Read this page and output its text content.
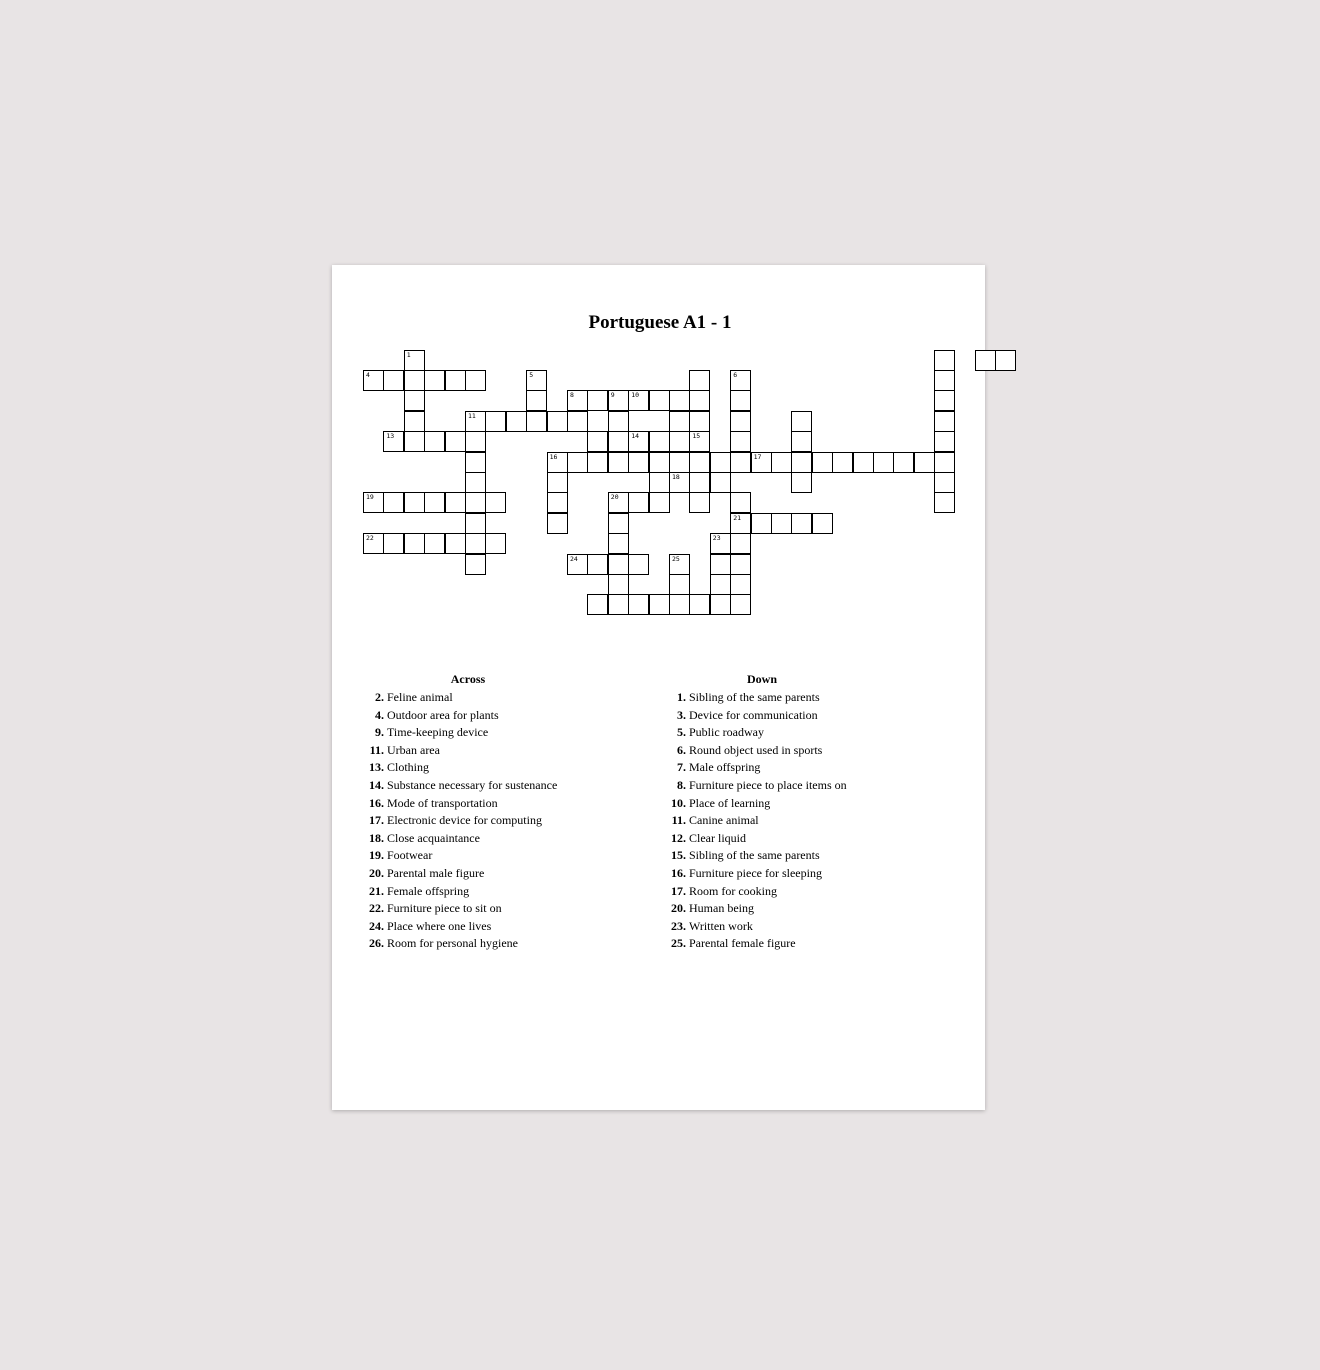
Portuguese A1 - 1
1
4	5	6
8	9	10
11
13	14	15
16	17
18
19	20
21
22	23
24	25
Across
2. Feline animal
4. Outdoor area for plants
9. Time-keeping device
11. Urban area
13. Clothing
14. Substance necessary for sustenance
16. Mode of transportation
17. Electronic device for computing
18. Close acquaintance
19. Footwear
20. Parental male figure
21. Female offspring
22. Furniture piece to sit on
24. Place where one lives
26. Room for personal hygiene
Down
1. Sibling of the same parents
3. Device for communication
5. Public roadway
6. Round object used in sports
7. Male offspring
8. Furniture piece to place items on
10. Place of learning
11. Canine animal
12. Clear liquid
15. Sibling of the same parents
16. Furniture piece for sleeping
17. Room for cooking
20. Human being
23. Written work
25. Parental female figure
